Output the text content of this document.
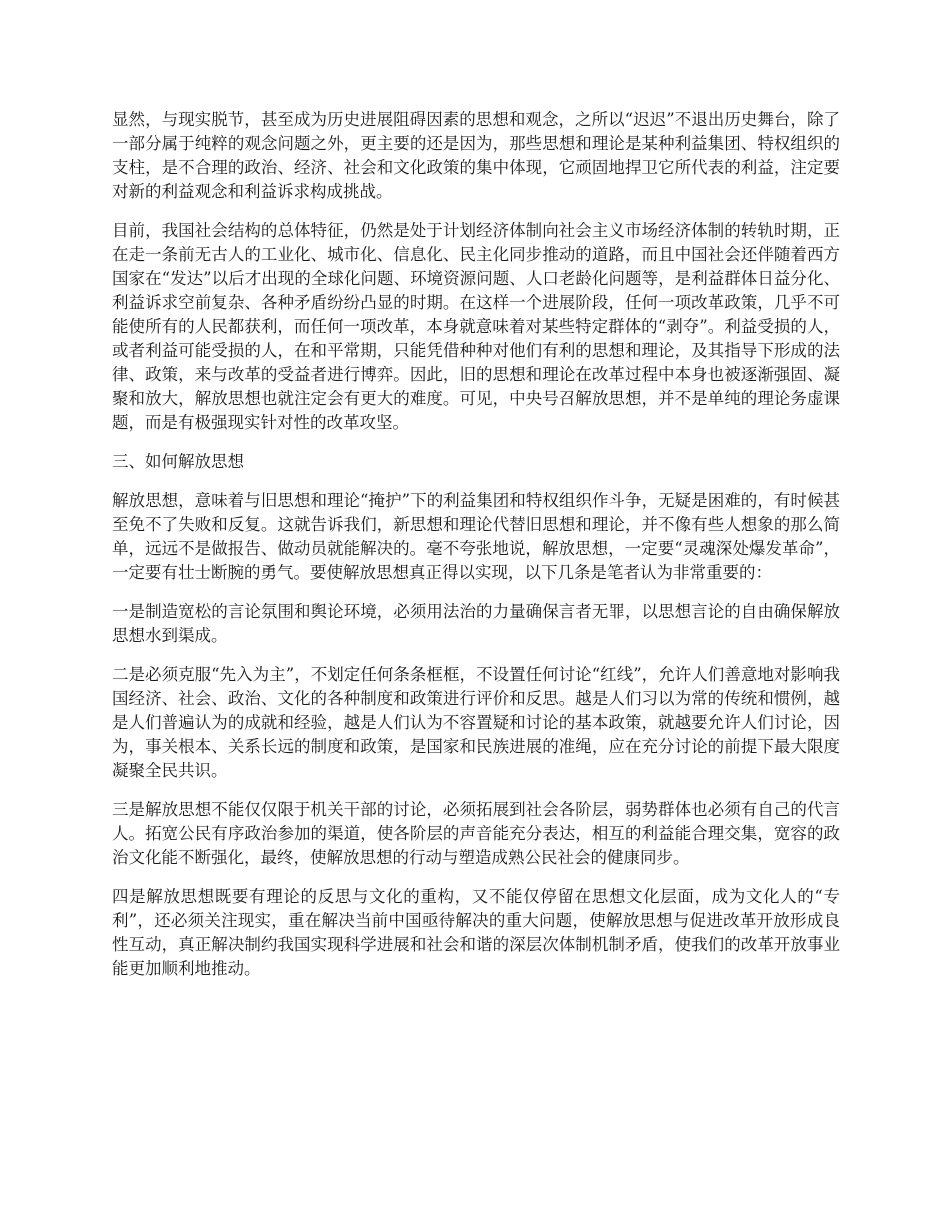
显然，与现实脱节，甚至成为历史进展阻碍因素的思想和观念，之所以“迟迟”不退出历史舞台，除了一部分属于纯粹的观念问题之外，更主要的还是因为，那些思想和理论是某种利益集团、特权组织的支柱，是不合理的政治、经济、社会和文化政策的集中体现，它顽固地捍卫它所代表的利益，注定要对新的利益观念和利益诉求构成挑战。

目前，我国社会结构的总体特征，仍然是处于计划经济体制向社会主义市场经济体制的转轨时期，正在走一条前无古人的工业化、城市化、信息化、民主化同步推动的道路，而且中国社会还伴随着西方国家在“发达”以后才出现的全球化问题、环境资源问题、人口老龄化问题等，是利益群体日益分化、利益诉求空前复杂、各种矛盾纷纷凸显的时期。在这样一个进展阶段，任何一项改革政策，几乎不可能使所有的人民都获利，而任何一项改革，本身就意味着对某些特定群体的“剥夺”。利益受损的人，或者利益可能受损的人，在和平常期，只能凭借种种对他们有利的思想和理论，及其指导下形成的法律、政策，来与改革的受益者进行博弈。因此，旧的思想和理论在改革过程中本身也被逐渐强固、凝聚和放大，解放思想也就注定会有更大的难度。可见，中央号召解放思想，并不是单纯的理论务虚课题，而是有极强现实针对性的改革攻坚。

三、如何解放思想

解放思想，意味着与旧思想和理论“掩护”下的利益集团和特权组织作斗争，无疑是困难的，有时候甚至免不了失败和反复。这就告诉我们，新思想和理论代替旧思想和理论，并不像有些人想象的那么简单，远远不是做报告、做动员就能解决的。毫不夸张地说，解放思想，一定要“灵魂深处爆发革命”，一定要有壮士断腕的勇气。要使解放思想真正得以实现，以下几条是笔者认为非常重要的：

一是制造宽松的言论氛围和舆论环境，必须用法治的力量确保言者无罪，以思想言论的自由确保解放思想水到渠成。

二是必须克服“先入为主”，不划定任何条条框框，不设置任何讨论“红线”，允许人们善意地对影响我国经济、社会、政治、文化的各种制度和政策进行评价和反思。越是人们习以为常的传统和惯例，越是人们普遍认为的成就和经验，越是人们认为不容置疑和讨论的基本政策，就越要允许人们讨论，因为，事关根本、关系长远的制度和政策，是国家和民族进展的准绳，应在充分讨论的前提下最大限度凝聚全民共识。

三是解放思想不能仅仅限于机关干部的讨论，必须拓展到社会各阶层，弱势群体也必须有自己的代言人。拓宽公民有序政治参加的渠道，使各阶层的声音能充分表达，相互的利益能合理交集，宽容的政治文化能不断强化，最终，使解放思想的行动与塑造成熟公民社会的健康同步。

四是解放思想既要有理论的反思与文化的重构，又不能仅停留在思想文化层面，成为文化人的“专利”，还必须关注现实，重在解决当前中国亟待解决的重大问题，使解放思想与促进改革开放形成良性互动，真正解决制约我国实现科学进展和社会和谐的深层次体制机制矛盾，使我们的改革开放事业能更加顺利地推动。
